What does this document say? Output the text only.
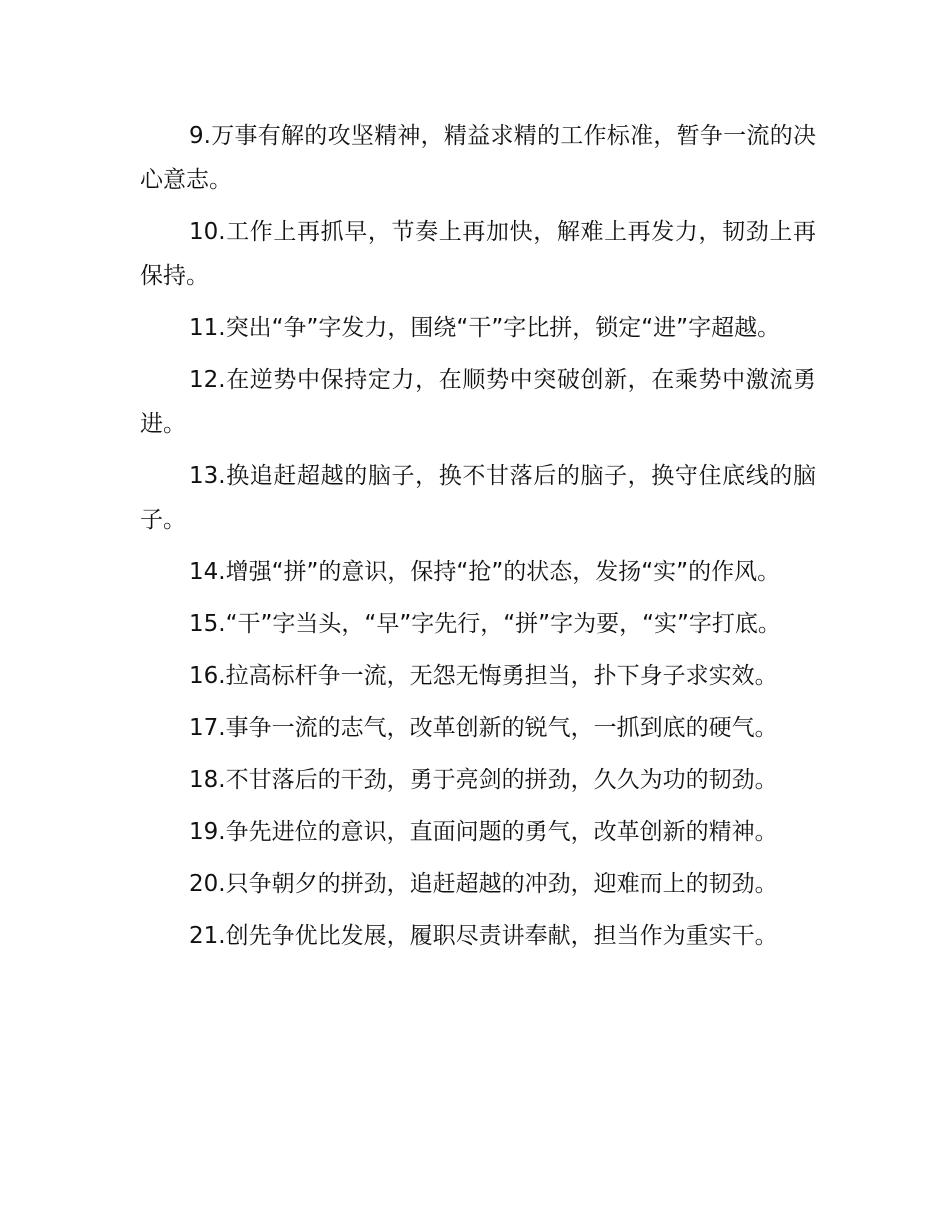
9.万事有解的攻坚精神，精益求精的工作标准，暂争一流的决心意志。

10.工作上再抓早，节奏上再加快，解难上再发力，韧劲上再保持。

11.突出“争”字发力，围绕“干”字比拼，锁定“进”字超越。

12.在逆势中保持定力，在顺势中突破创新，在乘势中激流勇进。

13.换追赶超越的脑子，换不甘落后的脑子，换守住底线的脑子。

14.增强“拼”的意识，保持“抢”的状态，发扬“实”的作风。

15.“干”字当头，“早”字先行，“拼”字为要，“实”字打底。

16.拉高标杆争一流，无怨无悔勇担当，扑下身子求实效。

17.事争一流的志气，改革创新的锐气，一抓到底的硬气。

18.不甘落后的干劲，勇于亮剑的拼劲，久久为功的韧劲。

19.争先进位的意识，直面问题的勇气，改革创新的精神。

20.只争朝夕的拼劲，追赶超越的冲劲，迎难而上的韧劲。

21.创先争优比发展，履职尽责讲奉献，担当作为重实干。
